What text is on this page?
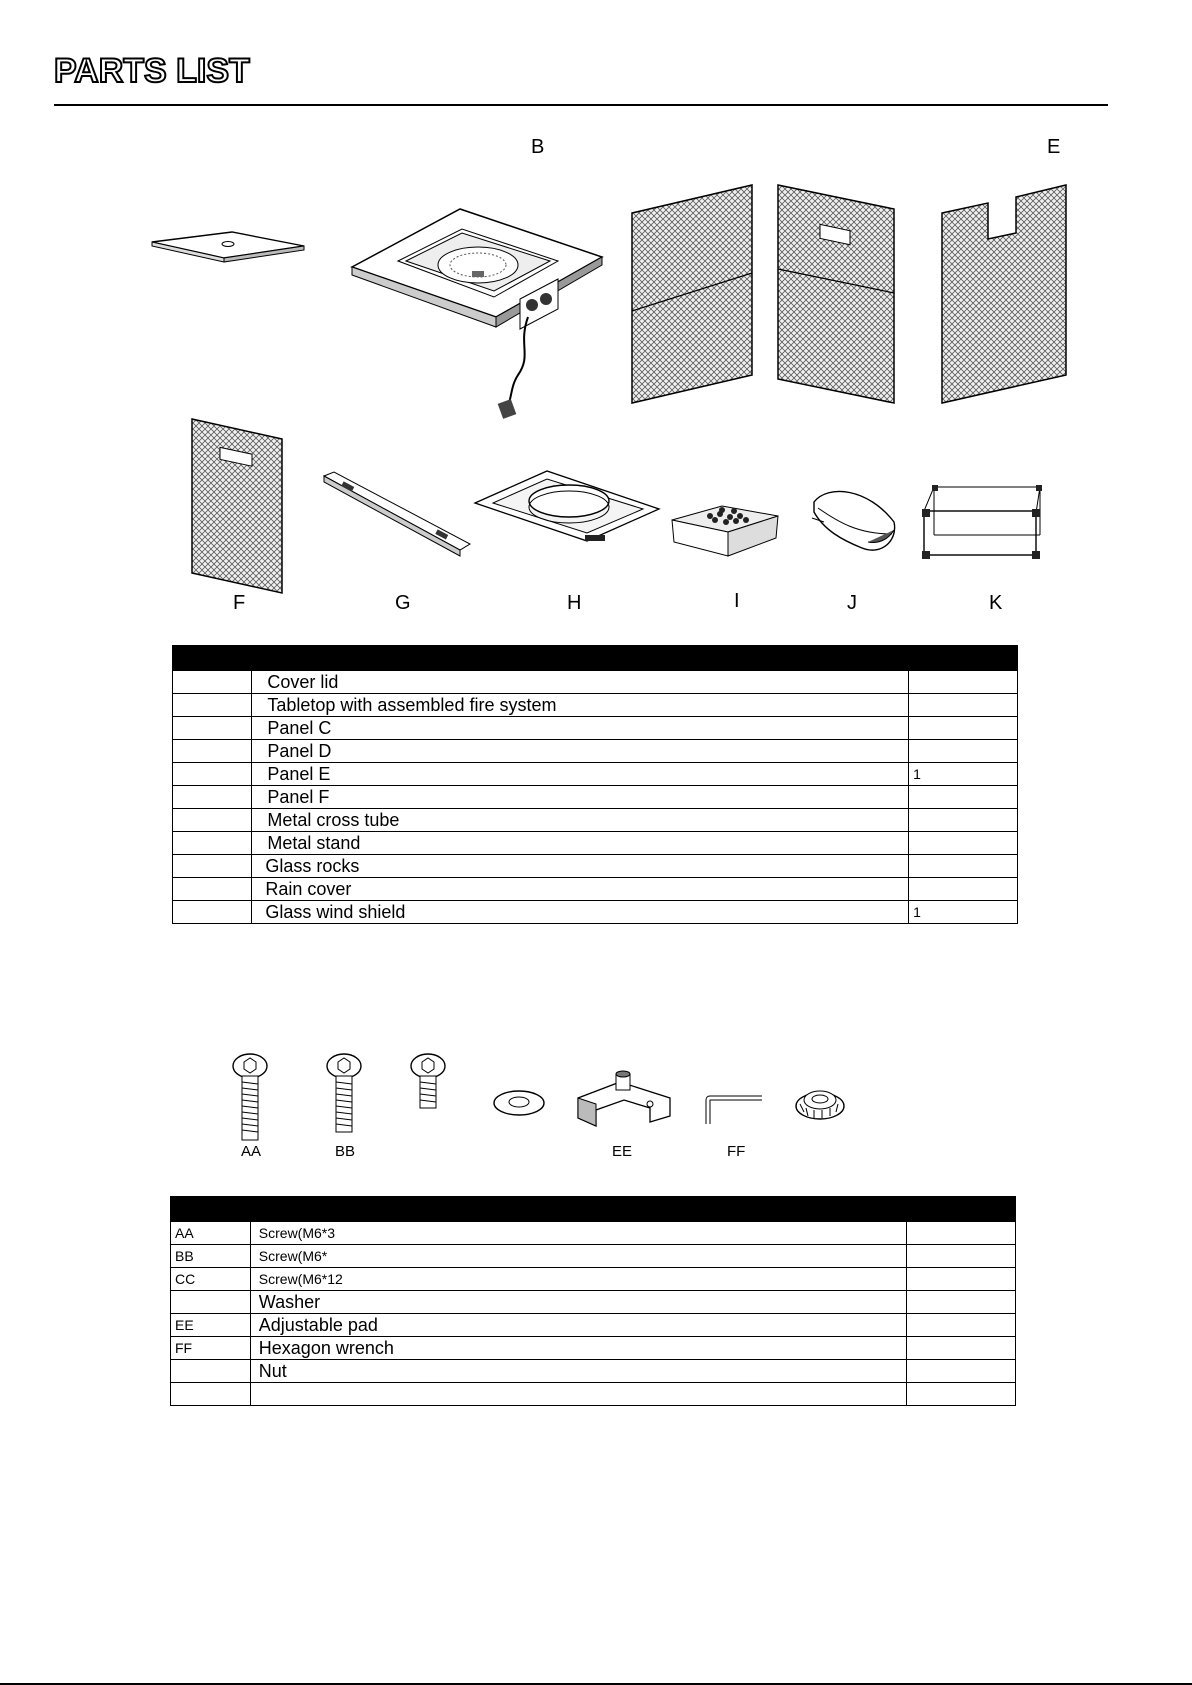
PARTS LIST
B	E
F	G	H	I	J	K

	Cover lid	
	Tabletop with assembled fire system	
	Panel C	
	Panel D	
	Panel E	1
	Panel F	
	Metal cross tube	
	Metal stand	
	Glass rocks	
	Rain cover	
	Glass wind shield	1
AA	BB	EE	FF

AA	Screw(M6*3	
BB	Screw(M6*	
CC	Screw(M6*12	
	Washer	
EE	Adjustable pad	
FF	Hexagon wrench	
	Nut	
